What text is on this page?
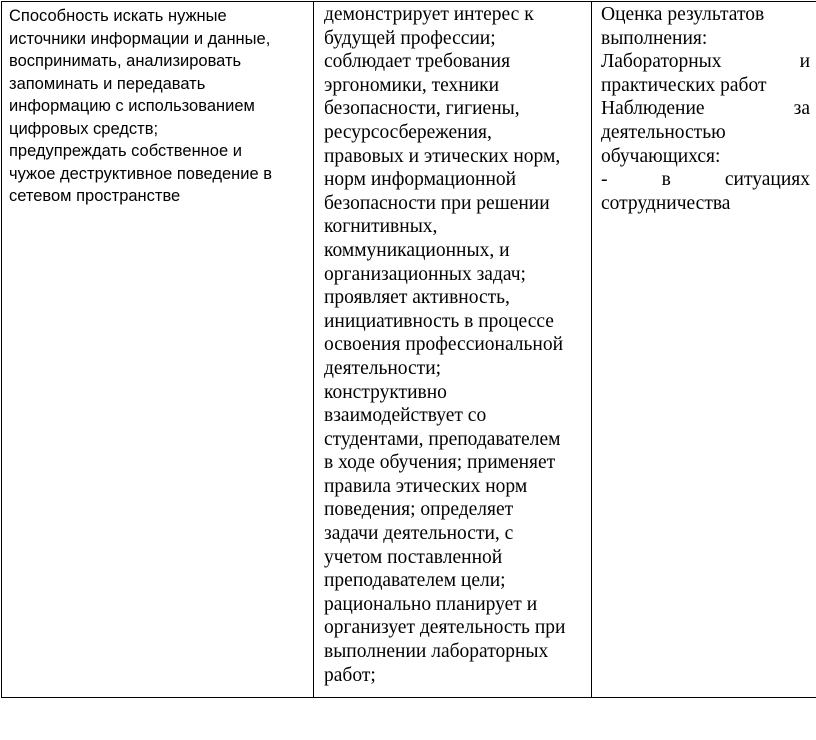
Способность искать нужные
источники информации и данные,
воспринимать, анализировать
запоминать и передавать
информацию с использованием
цифровых средств;
предупреждать собственное и
чужое деструктивное поведение в
сетевом пространстве

демонстрирует интерес к
будущей профессии;
соблюдает требования
эргономики, техники
безопасности, гигиены,
ресурсосбережения,
правовых и этических норм,
норм информационной
безопасности при решении
когнитивных,
коммуникационных, и
организационных задач;
проявляет активность,
инициативность в процессе
освоения профессиональной
деятельности;
конструктивно
взаимодействует со
студентами, преподавателем
в ходе обучения; применяет
правила этических норм
поведения; определяет
задачи деятельности, с
учетом поставленной
преподавателем цели;
рационально планирует и
организует деятельность при
выполнении лабораторных
работ;

Оценка результатов
выполнения:
Лабораторных	и
практических работ
Наблюдение	за
деятельностью
обучающихся:
-	в	ситуациях
сотрудничества
